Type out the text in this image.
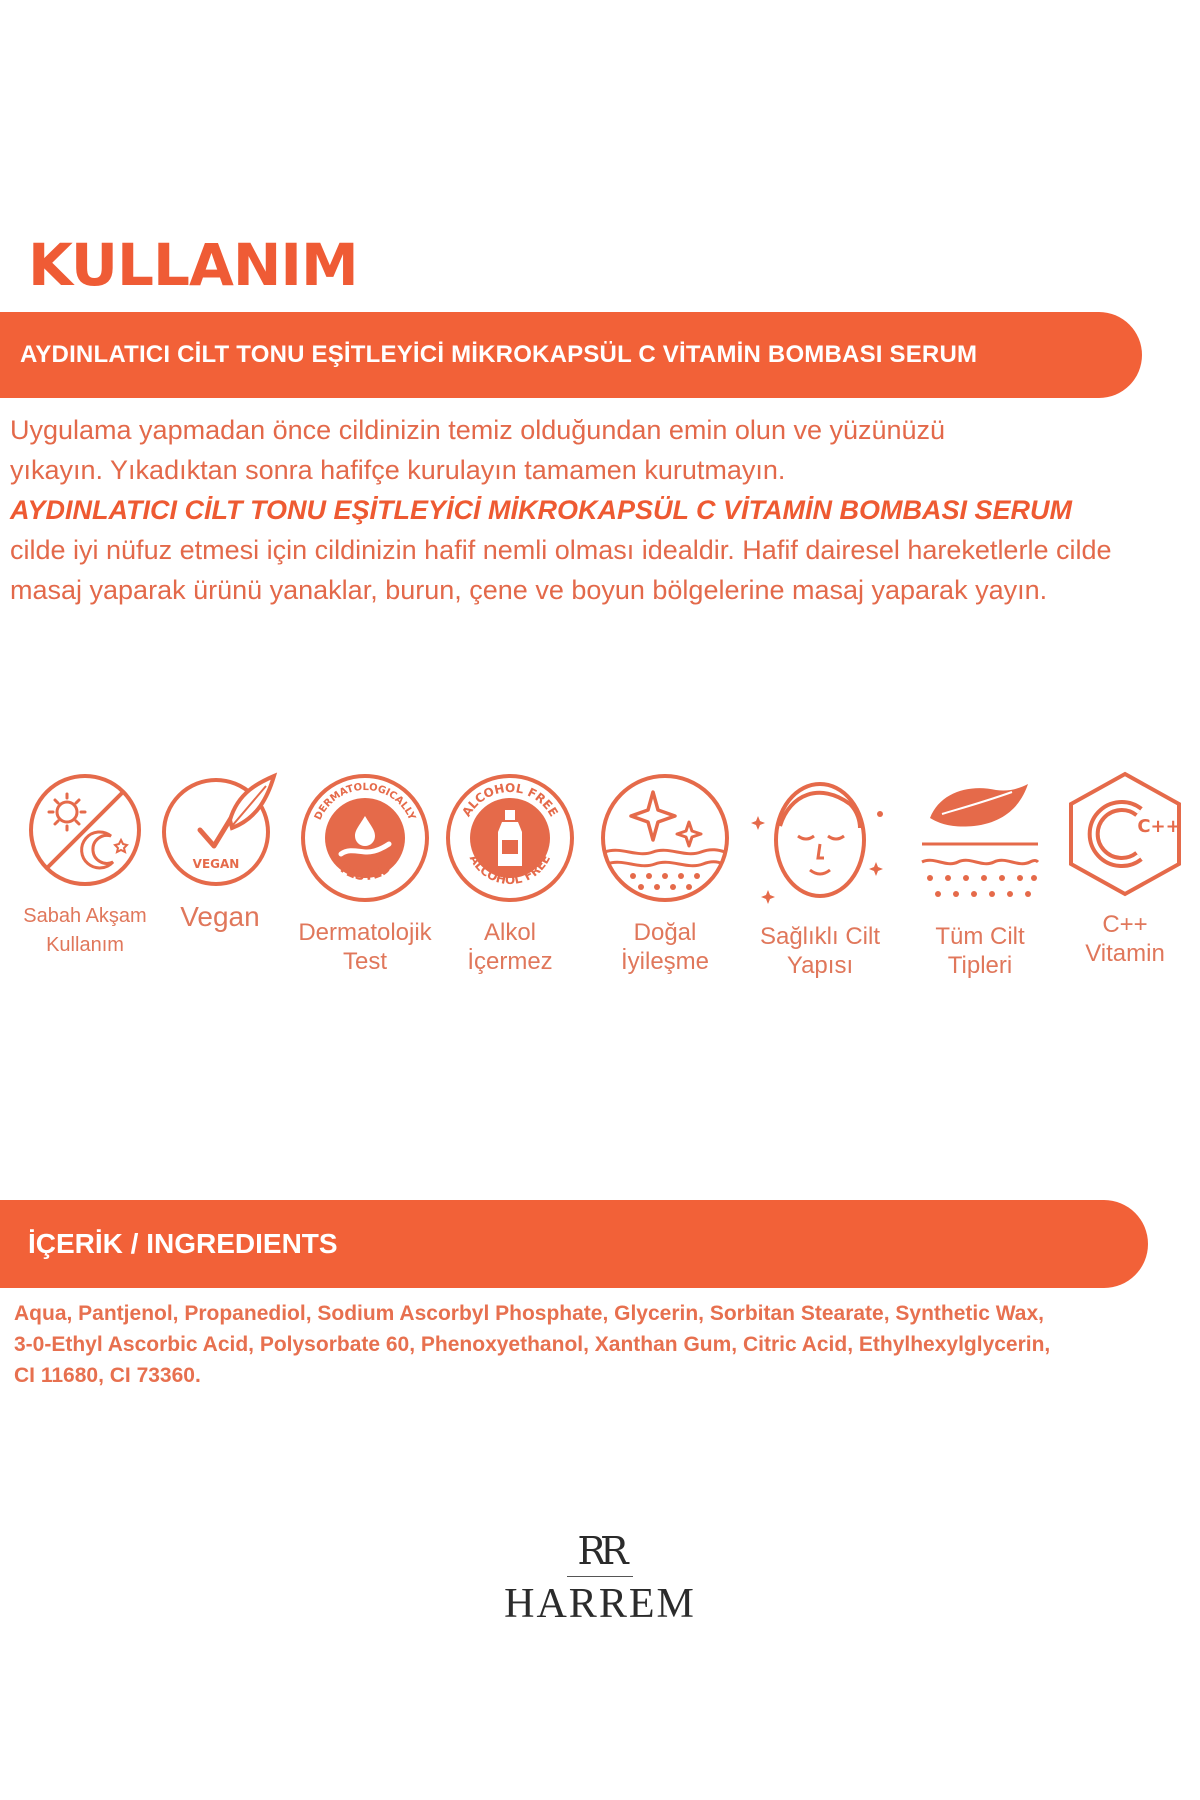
KULLANIM
AYDINLATICI CİLT TONU EŞİTLEYİCİ MİKROKAPSÜL C VİTAMİN BOMBASI SERUM

Uygulama yapmadan önce cildinizin temiz olduğundan emin olun ve yüzünüzü
yıkayın. Yıkadıktan sonra hafifçe kurulayın tamamen kurutmayın.
AYDINLATICI CİLT TONU EŞİTLEYİCİ MİKROKAPSÜL C VİTAMİN BOMBASI SERUM
cilde iyi nüfuz etmesi için cildinizin hafif nemli olması idealdir. Hafif dairesel hareketlerle cilde
masaj yaparak ürünü yanaklar, burun, çene ve boyun bölgelerine masaj yaparak yayın.

Sabah Akşam
Kullanım
VEGAN
Vegan
DERMATOLOGICALLY
TESTED
Dermatolojik
Test
ALCOHOL FREE
ALCOHOL FREE
Alkol
İçermez
Doğal
İyileşme
Sağlıklı Cilt
Yapısı
Tüm Cilt
Tipleri
C++
C++
Vitamin
İÇERİK / INGREDIENTS

Aqua, Pantjenol, Propanediol, Sodium Ascorbyl Phosphate, Glycerin, Sorbitan Stearate, Synthetic Wax,
3-0-Ethyl Ascorbic Acid, Polysorbate 60, Phenoxyethanol, Xanthan Gum, Citric Acid, Ethylhexylglycerin,
CI 11680, CI 73360.

RR
HARREM
